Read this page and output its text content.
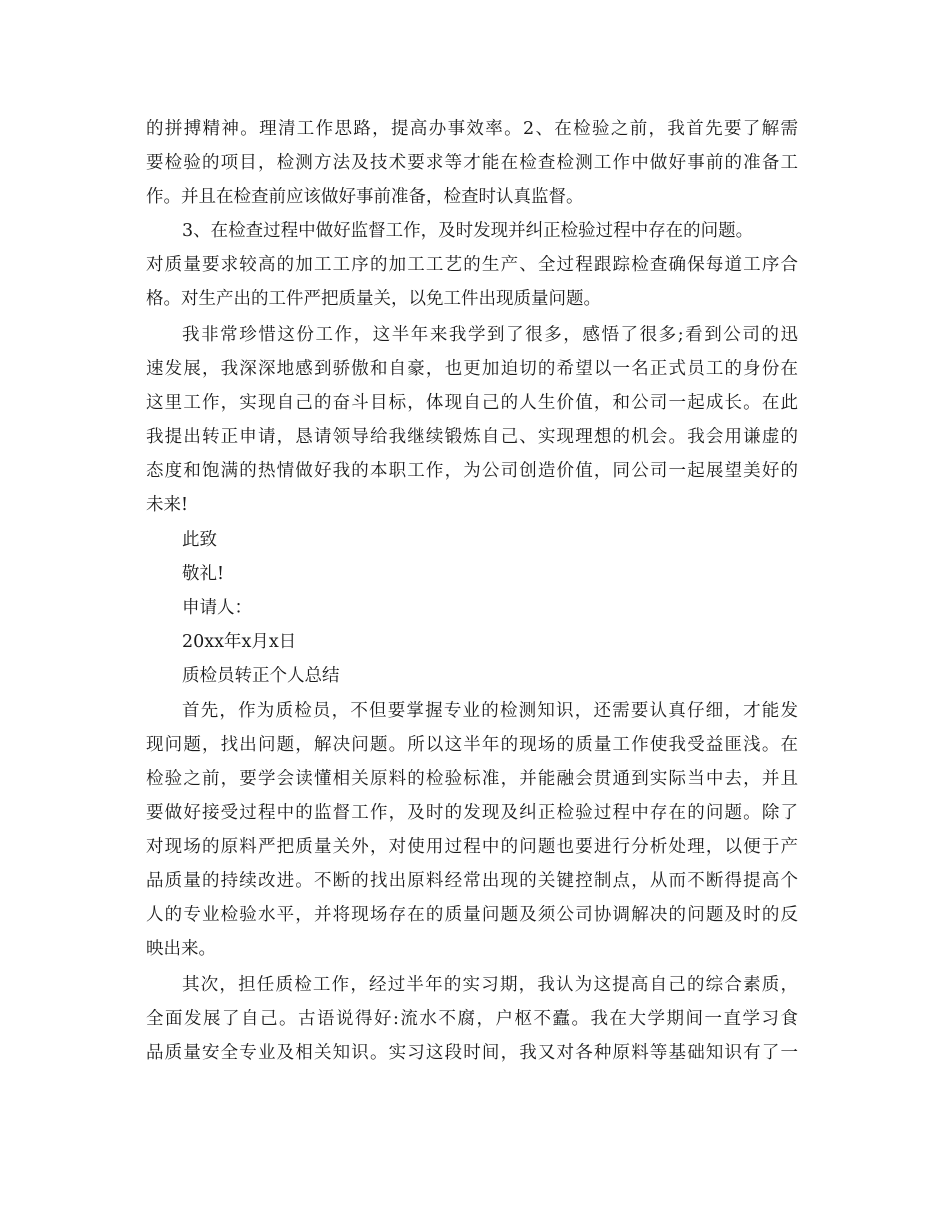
的拼搏精神。理清工作思路，提高办事效率。2、在检验之前，我首先要了解需
要检验的项目，检测方法及技术要求等才能在检查检测工作中做好事前的准备工
作。并且在检查前应该做好事前准备，检查时认真监督。
3、在检查过程中做好监督工作，及时发现并纠正检验过程中存在的问题。
对质量要求较高的加工工序的加工工艺的生产、全过程跟踪检查确保每道工序合
格。对生产出的工件严把质量关，以免工件出现质量问题。
我非常珍惜这份工作，这半年来我学到了很多，感悟了很多;看到公司的迅
速发展，我深深地感到骄傲和自豪，也更加迫切的希望以一名正式员工的身份在
这里工作，实现自己的奋斗目标，体现自己的人生价值，和公司一起成长。在此
我提出转正申请，恳请领导给我继续锻炼自己、实现理想的机会。我会用谦虚的
态度和饱满的热情做好我的本职工作，为公司创造价值，同公司一起展望美好的
未来!
此致
敬礼!
申请人：
20xx年x月x日
质检员转正个人总结
首先，作为质检员，不但要掌握专业的检测知识，还需要认真仔细，才能发
现问题，找出问题，解决问题。所以这半年的现场的质量工作使我受益匪浅。在
检验之前，要学会读懂相关原料的检验标准，并能融会贯通到实际当中去，并且
要做好接受过程中的监督工作，及时的发现及纠正检验过程中存在的问题。除了
对现场的原料严把质量关外，对使用过程中的问题也要进行分析处理，以便于产
品质量的持续改进。不断的找出原料经常出现的关键控制点，从而不断得提高个
人的专业检验水平，并将现场存在的质量问题及须公司协调解决的问题及时的反
映出来。
其次，担任质检工作，经过半年的实习期，我认为这提高自己的综合素质，
全面发展了自己。古语说得好:流水不腐，户枢不蠹。我在大学期间一直学习食
品质量安全专业及相关知识。实习这段时间，我又对各种原料等基础知识有了一
